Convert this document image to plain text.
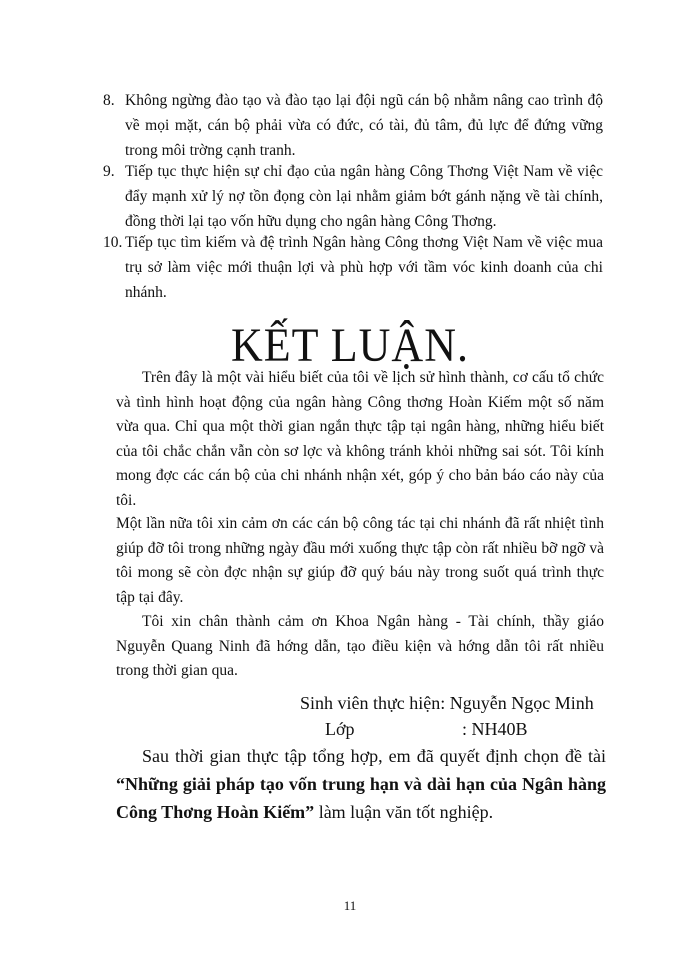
8. Không ngừng đào tạo và đào tạo lại đội ngũ cán bộ nhằm nâng cao trình độ về mọi mặt, cán bộ phải vừa có đức, có tài, đủ tâm, đủ lực để đứng vững trong môi trờng cạnh tranh.
9. Tiếp tục thực hiện sự chỉ đạo của ngân hàng Công Thơng Việt Nam về việc đẩy mạnh xử lý nợ tồn đọng còn lại nhằm giảm bớt gánh nặng về tài chính, đồng thời lại tạo vốn hữu dụng cho ngân hàng Công Thơng.
10. Tiếp tục tìm kiếm và đệ trình Ngân hàng Công thơng Việt Nam về việc mua trụ sở làm việc mới thuận lợi và phù hợp với tầm vóc kinh doanh của chi nhánh.
KẾT LUẬN.
Trên đây là một vài hiểu biết của tôi về lịch sử hình thành, cơ cấu tổ chức và tình hình hoạt động của ngân hàng Công thơng Hoàn Kiếm một số năm vừa qua. Chỉ qua một thời gian ngắn thực tập tại ngân hàng, những hiểu biết của tôi chắc chắn vẫn còn sơ lợc và không tránh khỏi những sai sót. Tôi kính mong đợc các cán bộ của chi nhánh nhận xét, góp ý cho bản báo cáo này của tôi.
Một lần nữa tôi xin cảm ơn các cán bộ công tác tại chi nhánh đã rất nhiệt tình giúp đỡ tôi trong những ngày đầu mới xuống thực tập còn rất nhiều bỡ ngỡ và tôi mong sẽ còn đợc nhận sự giúp đỡ quý báu này trong suốt quá trình thực tập tại đây.
Tôi xin chân thành cảm ơn Khoa Ngân hàng - Tài chính, thầy giáo Nguyễn Quang Ninh đã hớng dẫn, tạo điều kiện và hớng dẫn tôi rất nhiều trong thời gian qua.
Sinh viên thực hiện: Nguyễn Ngọc Minh
Lớp	: NH40B
Sau thời gian thực tập tổng hợp, em đã quyết định chọn đề tài “Những giải pháp tạo vốn trung hạn và dài hạn của Ngân hàng Công Thơng Hoàn Kiếm” làm luận văn tốt nghiệp.
11
